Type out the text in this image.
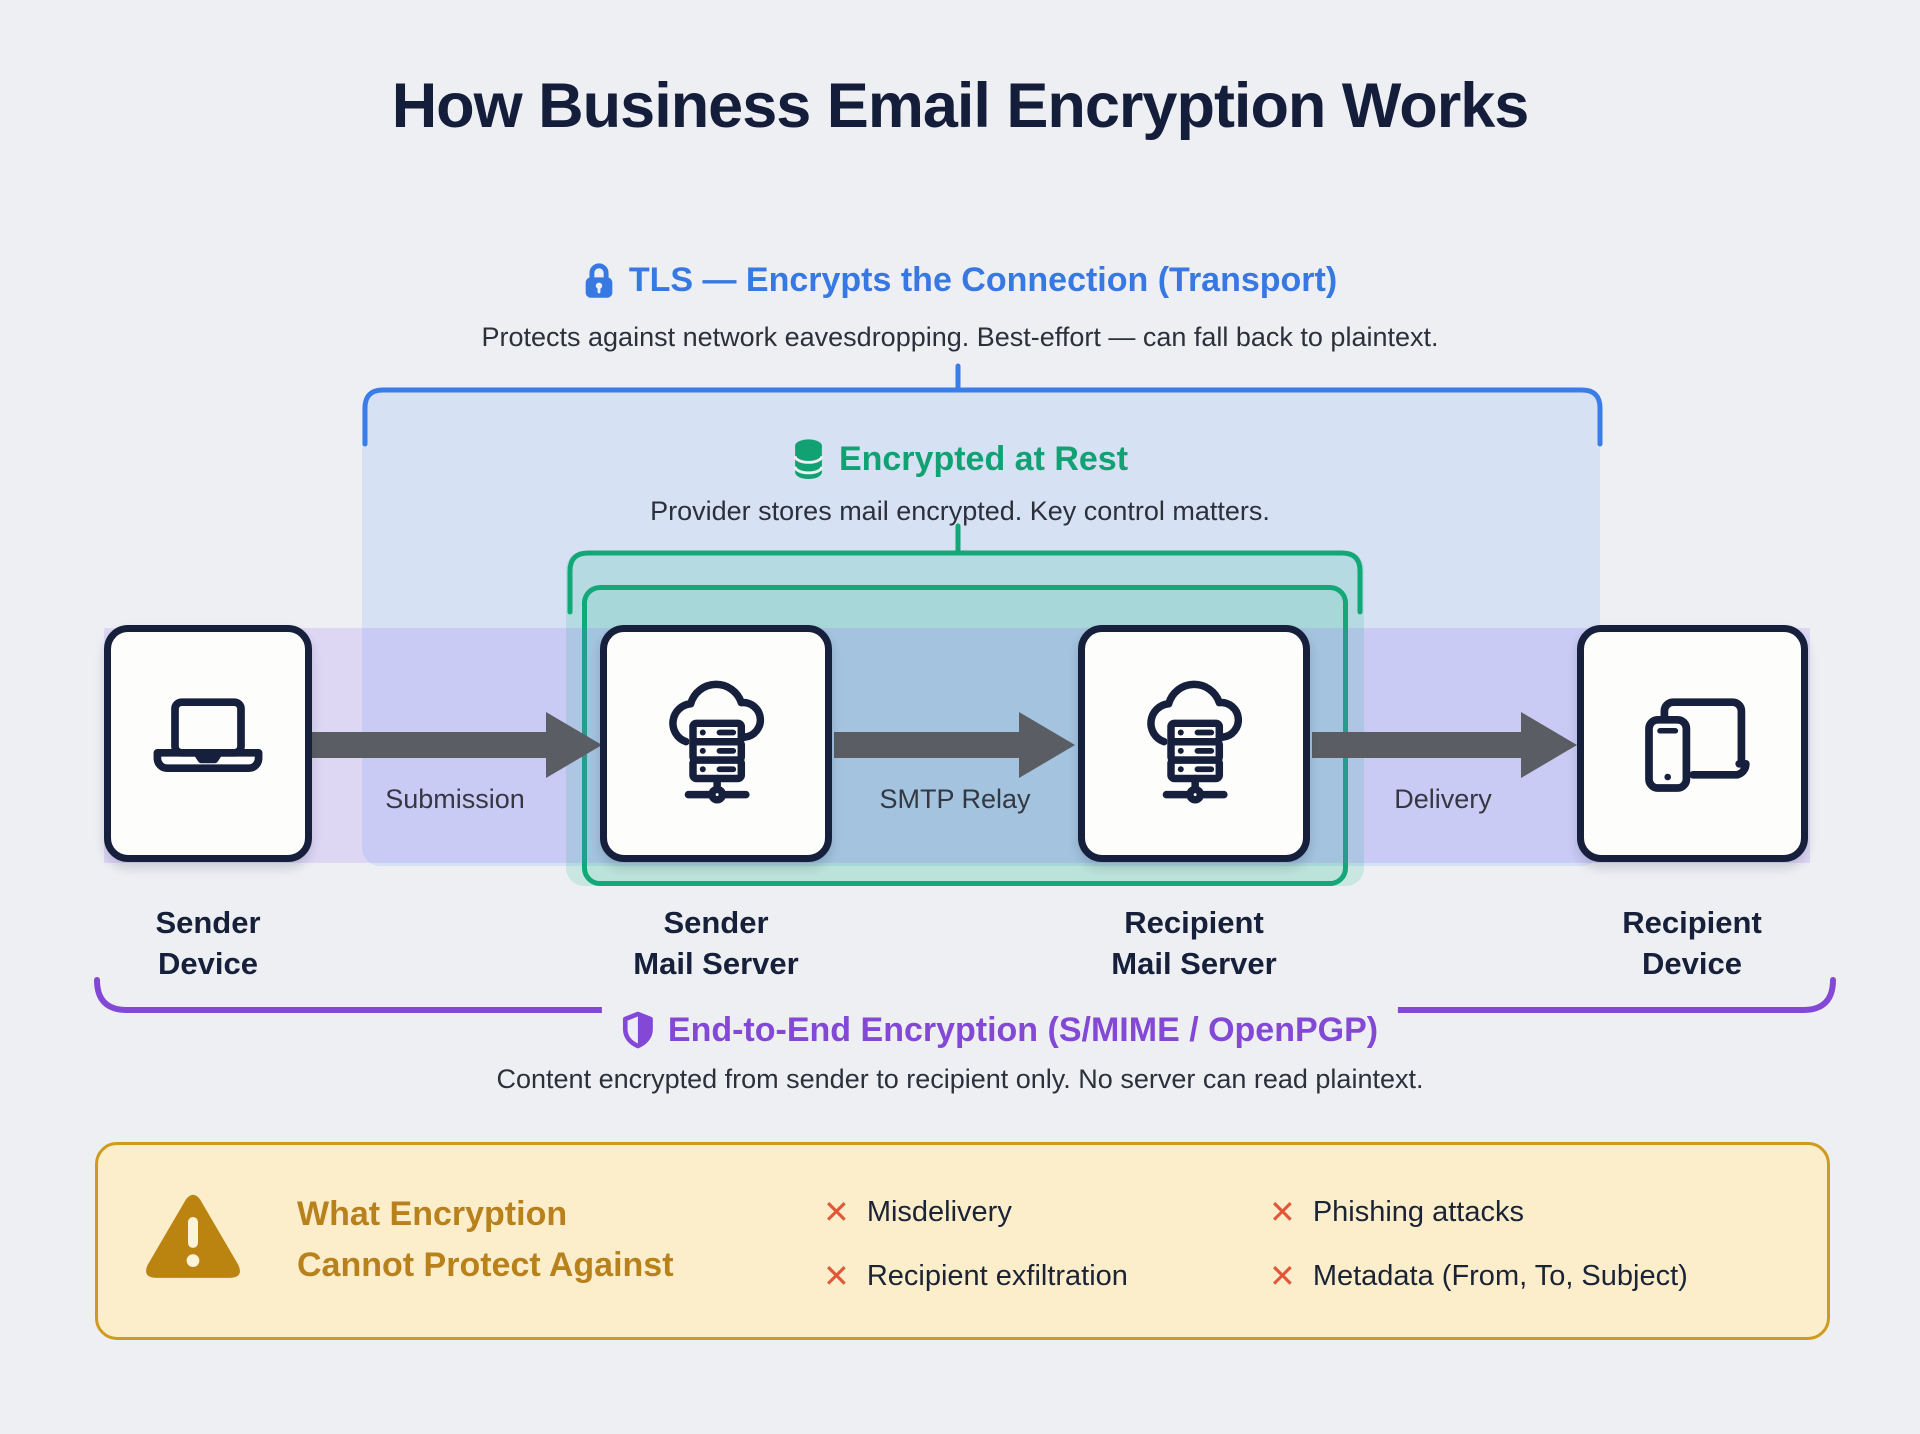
How Business Email Encryption Works
TLS — Encrypts the Connection (Transport)
Protects against network eavesdropping. Best-effort — can fall back to plaintext.
Encrypted at Rest
Provider stores mail encrypted. Key control matters.
Submission	SMTP Relay	Delivery
Sender
Device
Sender
Mail Server
Recipient
Mail Server
Recipient
Device
End-to-End Encryption (S/MIME / OpenPGP)
Content encrypted from sender to recipient only. No server can read plaintext.
What Encryption
Cannot Protect Against
✕ Misdelivery	✕ Phishing attacks
✕ Recipient exfiltration	✕ Metadata (From, To, Subject)
